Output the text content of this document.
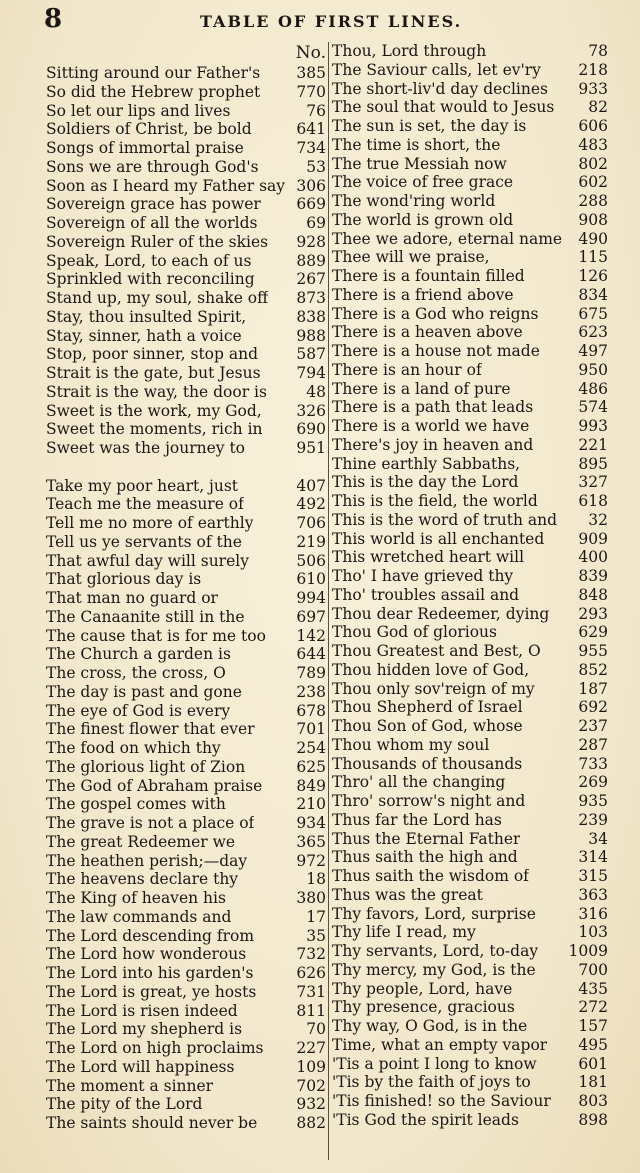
8	TABLE OF FIRST LINES.
No.
Sitting around our Father's	385
So did the Hebrew prophet	770
So let our lips and lives	76
Soldiers of Christ, be bold	641
Songs of immortal praise	734
Sons we are through God's	53
Soon as I heard my Father say 306
Sovereign grace has power	669
Sovereign of all the worlds	69
Sovereign Ruler of the skies	928
Speak, Lord, to each of us	889
Sprinkled with reconciling	267
Stand up, my soul, shake off	873
Stay, thou insulted Spirit,	838
Stay, sinner, hath a voice	988
Stop, poor sinner, stop and	587
Strait is the gate, but Jesus	794
Strait is the way, the door is	48
Sweet is the work, my God,	326
Sweet the moments, rich in	690
Sweet was the journey to	951
Take my poor heart, just	407
Teach me the measure of	492
Tell me no more of earthly	706
Tell us ye servants of the	219
That awful day will surely	506
That glorious day is	610
That man no guard or	994
The Canaanite still in the	697
The cause that is for me too	142
The Church a garden is	644
The cross, the cross, O	789
The day is past and gone	238
The eye of God is every	678
The finest flower that ever	701
The food on which thy	254
The glorious light of Zion	625
The God of Abraham praise	849
The gospel comes with	210
The grave is not a place of	934
The great Redeemer we	365
The heathen perish;—day	972
The heavens declare thy	18
The King of heaven his	380
The law commands and	17
The Lord descending from	35
The Lord how wonderous	732
The Lord into his garden's	626
The Lord is great, ye hosts	731
The Lord is risen indeed	811
The Lord my shepherd is	70
The Lord on high proclaims	227
The Lord will happiness	109
The moment a sinner	702
The pity of the Lord	932
The saints should never be	882
Thou, Lord through	78
The Saviour calls, let ev'ry	218
The short-liv'd day declines	933
The soul that would to Jesus	82
The sun is set, the day is	606
The time is short, the	483
The true Messiah now	802
The voice of free grace	602
The wond'ring world	288
The world is grown old	908
Thee we adore, eternal name	490
Thee will we praise,	115
There is a fountain filled	126
There is a friend above	834
There is a God who reigns	675
There is a heaven above	623
There is a house not made	497
There is an hour of	950
There is a land of pure	486
There is a path that leads	574
There is a world we have	993
There's joy in heaven and	221
Thine earthly Sabbaths,	895
This is the day the Lord	327
This is the field, the world	618
This is the word of truth and	32
This world is all enchanted	909
This wretched heart will	400
Tho' I have grieved thy	839
Tho' troubles assail and	848
Thou dear Redeemer, dying	293
Thou God of glorious	629
Thou Greatest and Best, O	955
Thou hidden love of God,	852
Thou only sov'reign of my	187
Thou Shepherd of Israel	692
Thou Son of God, whose	237
Thou whom my soul	287
Thousands of thousands	733
Thro' all the changing	269
Thro' sorrow's night and	935
Thus far the Lord has	239
Thus the Eternal Father	34
Thus saith the high and	314
Thus saith the wisdom of	315
Thus was the great	363
Thy favors, Lord, surprise	316
Thy life I read, my	103
Thy servants, Lord, to-day 1009
Thy mercy, my God, is the	700
Thy people, Lord, have	435
Thy presence, gracious	272
Thy way, O God, is in the	157
Time, what an empty vapor	495
'Tis a point I long to know	601
'Tis by the faith of joys to	181
'Tis finished! so the Saviour	803
'Tis God the spirit leads	898
